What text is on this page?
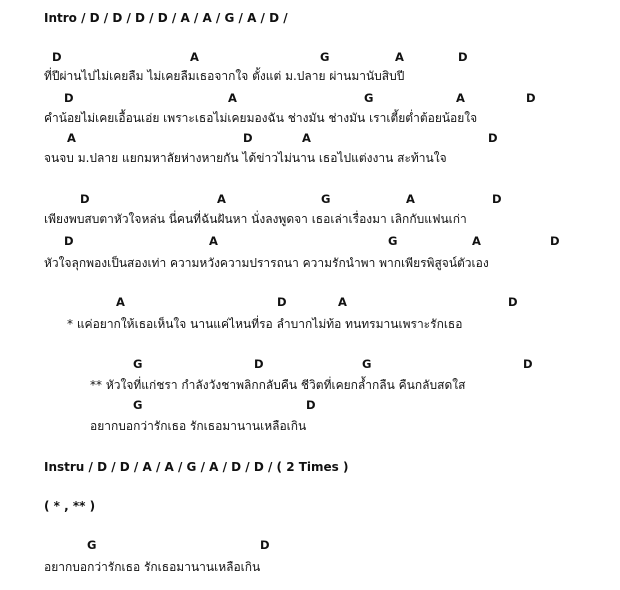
Intro / D / D / D / D / A / A / G / A / D /
D	A	G	A	D
ที่ปีผ่านไปไม่เคยลืม ไม่เคยลืมเธอจากใจ ตั้งแต่ ม.ปลาย ผ่านมานับสิบปี
D	A	G	A	D
คำน้อยไม่เคยเอื้อนเอ่ย เพราะเธอไม่เคยมองฉัน ช่างมัน ช่างมัน เราเตี้ยต่ำต้อยน้อยใจ
A	D	A	D
จนจบ ม.ปลาย แยกมหาลัยห่างหายกัน ได้ข่าวไม่นาน เธอไปแต่งงาน สะท้านใจ
D	A	G	A	D
เพียงพบสบตาหัวใจหล่น นี่คนที่ฉันฝันหา นั่งลงพูดจา เธอเล่าเรื่องมา เลิกกับแฟนเก่า
D	A	G	A	D
หัวใจลุกพองเป็นสองเท่า ความหวังความปรารถนา ความรักนำพา พากเพียรพิสูจน์ตัวเอง
A	D	A	D
* แค่อยากให้เธอเห็นใจ นานแค่ไหนที่รอ ลำบากไม่ท้อ ทนทรมานเพราะรักเธอ
G	D	G	D
** หัวใจที่แก่ชรา กำลังวังชาพลิกกลับคืน ชีวิตที่เคยกล้ำกลืน คืนกลับสดใส
G	D
อยากบอกว่ารักเธอ รักเธอมานานเหลือเกิน
Instru / D / D / A / A / G / A / D / D / ( 2 Times )
( * , ** )
G	D
อยากบอกว่ารักเธอ รักเธอมานานเหลือเกิน
